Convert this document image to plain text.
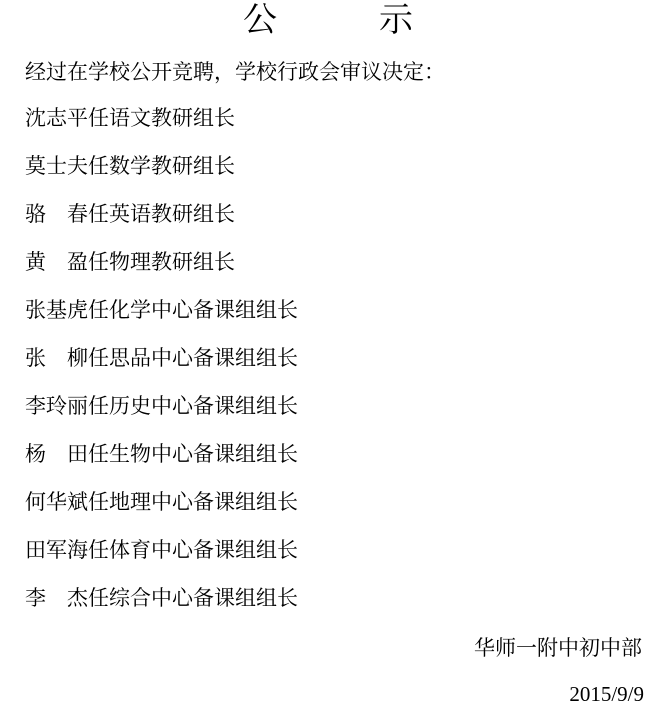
公　　　示
经过在学校公开竞聘，学校行政会审议决定：
沈志平任语文教研组长
莫士夫任数学教研组长
骆　春任英语教研组长
黄　盈任物理教研组长
张基虎任化学中心备课组组长
张　柳任思品中心备课组组长
李玲丽任历史中心备课组组长
杨　田任生物中心备课组组长
何华斌任地理中心备课组组长
田军海任体育中心备课组组长
李　杰任综合中心备课组组长
华师一附中初中部
2015/9/9
